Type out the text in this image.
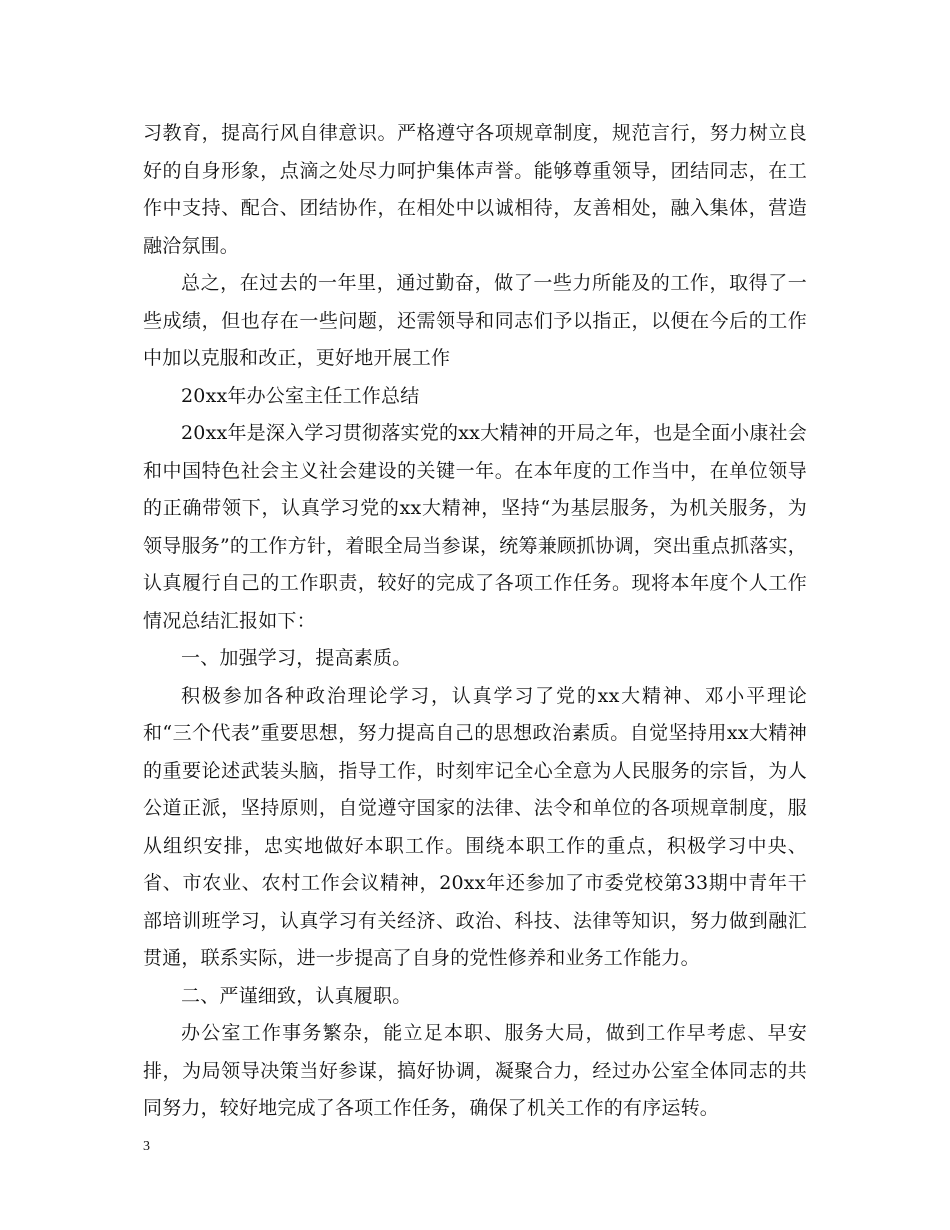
习教育，提高行风自律意识。严格遵守各项规章制度，规范言行，努力树立良好的自身形象，点滴之处尽力呵护集体声誉。能够尊重领导，团结同志，在工作中支持、配合、团结协作，在相处中以诚相待，友善相处，融入集体，营造融洽氛围。

总之，在过去的一年里，通过勤奋，做了一些力所能及的工作，取得了一些成绩，但也存在一些问题，还需领导和同志们予以指正，以便在今后的工作中加以克服和改正，更好地开展工作

20xx年办公室主任工作总结

20xx年是深入学习贯彻落实党的xx大精神的开局之年，也是全面小康社会和中国特色社会主义社会建设的关键一年。在本年度的工作当中，在单位领导的正确带领下，认真学习党的xx大精神，坚持“为基层服务，为机关服务，为领导服务”的工作方针，着眼全局当参谋，统筹兼顾抓协调，突出重点抓落实，认真履行自己的工作职责，较好的完成了各项工作任务。现将本年度个人工作情况总结汇报如下：

一、加强学习，提高素质。

积极参加各种政治理论学习，认真学习了党的xx大精神、邓小平理论和“三个代表”重要思想，努力提高自己的思想政治素质。自觉坚持用xx大精神的重要论述武装头脑，指导工作，时刻牢记全心全意为人民服务的宗旨，为人公道正派，坚持原则，自觉遵守国家的法律、法令和单位的各项规章制度，服从组织安排，忠实地做好本职工作。围绕本职工作的重点，积极学习中央、省、市农业、农村工作会议精神，20xx年还参加了市委党校第33期中青年干部培训班学习，认真学习有关经济、政治、科技、法律等知识，努力做到融汇贯通，联系实际，进一步提高了自身的党性修养和业务工作能力。

二、严谨细致，认真履职。

办公室工作事务繁杂，能立足本职、服务大局，做到工作早考虑、早安排，为局领导决策当好参谋，搞好协调，凝聚合力，经过办公室全体同志的共同努力，较好地完成了各项工作任务，确保了机关工作的有序运转。

3
